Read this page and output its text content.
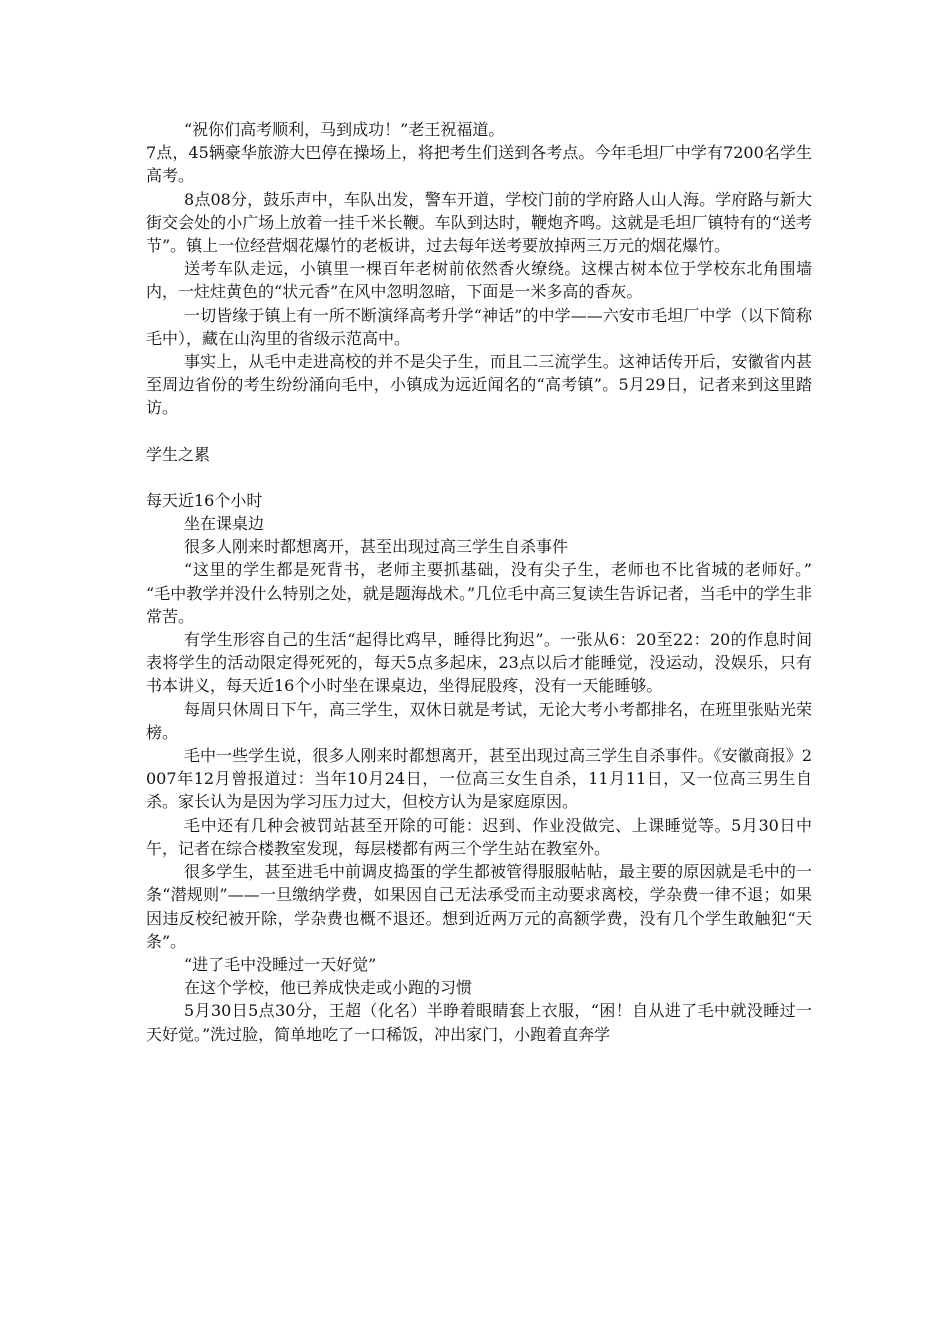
“祝你们高考顺利，马到成功！”老王祝福道。

7点，45辆豪华旅游大巴停在操场上，将把考生们送到各考点。今年毛坦厂中学有7200名学生高考。

8点08分，鼓乐声中，车队出发，警车开道，学校门前的学府路人山人海。学府路与新大街交会处的小广场上放着一挂千米长鞭。车队到达时，鞭炮齐鸣。这就是毛坦厂镇特有的“送考节”。镇上一位经营烟花爆竹的老板讲，过去每年送考要放掉两三万元的烟花爆竹。

送考车队走远，小镇里一棵百年老树前依然香火缭绕。这棵古树本位于学校东北角围墙内，一炷炷黄色的“状元香”在风中忽明忽暗，下面是一米多高的香灰。

一切皆缘于镇上有一所不断演绎高考升学“神话”的中学——六安市毛坦厂中学（以下简称毛中），藏在山沟里的省级示范高中。

事实上，从毛中走进高校的并不是尖子生，而且二三流学生。这神话传开后，安徽省内甚至周边省份的考生纷纷涌向毛中，小镇成为远近闻名的“高考镇”。5月29日，记者来到这里踏访。

学生之累

每天近16个小时

坐在课桌边

很多人刚来时都想离开，甚至出现过高三学生自杀事件

“这里的学生都是死背书，老师主要抓基础，没有尖子生，老师也不比省城的老师好。” “毛中教学并没什么特别之处，就是题海战术。”几位毛中高三复读生告诉记者，当毛中的学生非常苦。

有学生形容自己的生活“起得比鸡早，睡得比狗迟”。一张从6：20至22：20的作息时间表将学生的活动限定得死死的，每天5点多起床，23点以后才能睡觉，没运动，没娱乐，只有书本讲义，每天近16个小时坐在课桌边，坐得屁股疼，没有一天能睡够。

每周只休周日下午，高三学生，双休日就是考试，无论大考小考都排名，在班里张贴光荣榜。

毛中一些学生说，很多人刚来时都想离开，甚至出现过高三学生自杀事件。《安徽商报》2007年12月曾报道过：当年10月24日，一位高三女生自杀，11月11日，又一位高三男生自杀。家长认为是因为学习压力过大，但校方认为是家庭原因。

毛中还有几种会被罚站甚至开除的可能：迟到、作业没做完、上课睡觉等。5月30日中午，记者在综合楼教室发现，每层楼都有两三个学生站在教室外。

很多学生，甚至进毛中前调皮捣蛋的学生都被管得服服帖帖，最主要的原因就是毛中的一条“潜规则”——一旦缴纳学费，如果因自己无法承受而主动要求离校，学杂费一律不退；如果因违反校纪被开除，学杂费也概不退还。想到近两万元的高额学费，没有几个学生敢触犯“天条”。

“进了毛中没睡过一天好觉”

在这个学校，他已养成快走或小跑的习惯

5月30日5点30分，王超（化名）半睁着眼睛套上衣服，“困！自从进了毛中就没睡过一天好觉。”洗过脸，简单地吃了一口稀饭，冲出家门，小跑着直奔学
